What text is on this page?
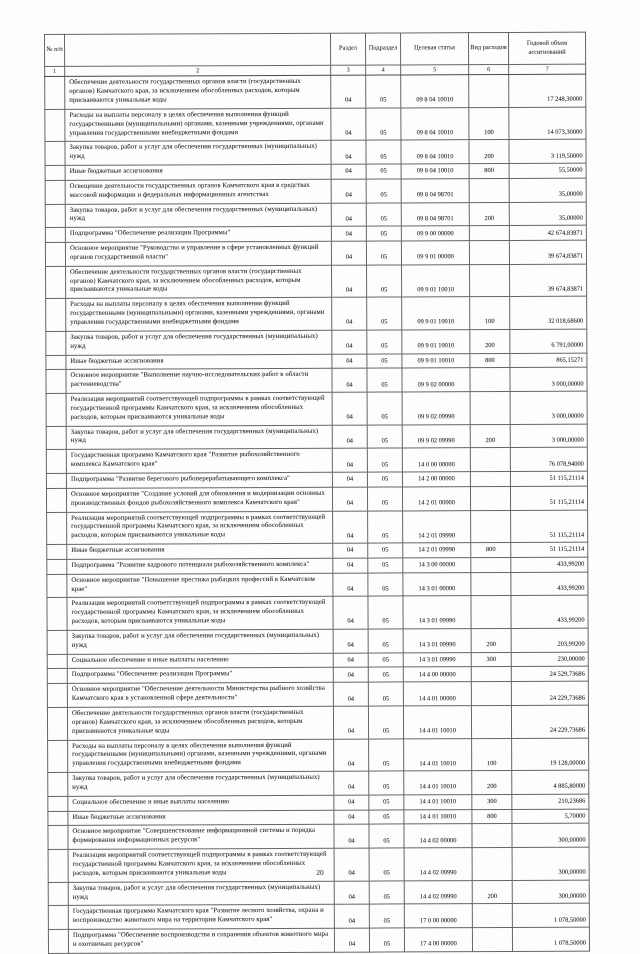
№ п/п		Раздел	Подраздел	Целевая статья	Вид расходов	Годовой объем ассигнований
1	2	3	4	5	6	7
	Обеспечение деятельности государственных органов власти (государственных органов) Камчатского края, за исключением обособленных расходов, которым присваиваются уникальные коды	04	05	09 8 04 10010		17 248,30000
	Расходы на выплаты персоналу в целях обеспечения выполнения функций государственными (муниципальными) органами, казенными учреждениями, органами управления государственными внебюджетными фондами	04	05	09 8 04 10010	100	14 073,30000
	Закупка товаров, работ и услуг для обеспечения государственных (муниципальных) нужд	04	05	09 8 04 10010	200	3 119,50000
	Иные бюджетные ассигнования	04	05	09 8 04 10010	800	55,50000
	Освещение деятельности государственных органов Камчатского края в средствах массовой информации и федеральных информационных агентствах	04	05	09 8 04 98701		35,00000
	Закупка товаров, работ и услуг для обеспечения государственных (муниципальных) нужд	04	05	09 8 04 98701	200	35,00000
	Подпрограмма "Обеспечение реализации Программы"	04	05	09 9 00 00000		42 674,83871
	Основное мероприятие "Руководство и управление в сфере установленных функций органов государственной власти"	04	05	09 9 01 00000		39 674,83871
	Обеспечение деятельности государственных органов власти (государственных органов) Камчатского края, за исключением обособленных расходов, которым присваиваются уникальные коды	04	05	09 9 01 10010		39 674,83871
	Расходы на выплаты персоналу в целях обеспечения выполнения функций государственными (муниципальными) органами, казенными учреждениями, органами управления государственными внебюджетными фондами	04	05	09 9 01 10010	100	32 018,68600
	Закупка товаров, работ и услуг для обеспечения государственных (муниципальных) нужд	04	05	09 9 01 10010	200	6 791,00000
	Иные бюджетные ассигнования	04	05	09 9 01 10010	800	865,15271
	Основное мероприятие "Выполнение научно-исследовательских работ в области растениеводства"	04	05	09 9 02 00000		3 000,00000
	Реализация мероприятий соответствующей подпрограммы в рамках соответствующей государственной программы Камчатского края, за исключением обособленных расходов, которым присваиваются уникальные коды	04	05	09 9 02 09990		3 000,00000
	Закупка товаров, работ и услуг для обеспечения государственных (муниципальных) нужд	04	05	09 9 02 09990	200	3 000,00000
	Государственная программа Камчатского края "Развитие рыбохозяйственного комплекса Камчатского края"	04	05	14 0 00 00000		76 078,94000
	Подпрограмма "Развитие берегового рыбоперерабатывающего комплекса"	04	05	14 2 00 00000		51 115,21114
	Основное мероприятие "Создание условий для обновления и модернизации основных производственных фондов рыбохозяйственного комплекса Камчатского края"	04	05	14 2 01 00000		51 115,21114
	Реализация мероприятий соответствующей подпрограммы в рамках соответствующей государственной программы Камчатского края, за исключением обособленных расходов, которым присваиваются уникальные коды	04	05	14 2 01 09990		51 115,21114
	Иные бюджетные ассигнования	04	05	14 2 01 09990	800	51 115,21114
	Подпрограмма "Развитие кадрового потенциала рыбохозяйственного комплекса"	04	05	14 3 00 00000		433,99200
	Основное мероприятие "Повышение престижа рыбацких профессий в Камчатском крае"	04	05	14 3 01 00000		433,99200
	Реализация мероприятий соответствующей подпрограммы в рамках соответствующей государственной программы Камчатского края, за исключением обособленных расходов, которым присваиваются уникальные коды	04	05	14 3 01 09990		433,99200
	Закупка товаров, работ и услуг для обеспечения государственных (муниципальных) нужд	04	05	14 3 01 09990	200	203,99200
	Социальное обеспечение и иные выплаты населению	04	05	14 3 01 09990	300	230,00000
	Подпрограмма "Обеспечение реализации Программы"	04	05	14 4 00 00000		24 529,73686
	Основное мероприятие "Обеспечение деятельности Министерства рыбного хозяйства Камчатского края в установленной сфере деятельности"	04	05	14 4 01 00000		24 229,73686
	Обеспечение деятельности государственных органов власти (государственных органов) Камчатского края, за исключением обособленных расходов, которым присваиваются уникальные коды	04	05	14 4 01 10010		24 229,73686
	Расходы на выплаты персоналу в целях обеспечения выполнения функций государственными (муниципальными) органами, казенными учреждениями, органами управления государственными внебюджетными фондами	04	05	14 4 01 10010	100	19 128,00000
	Закупка товаров, работ и услуг для обеспечения государственных (муниципальных) нужд	04	05	14 4 01 10010	200	4 885,80000
	Социальное обеспечение и иные выплаты населению	04	05	14 4 01 10010	300	210,23686
	Иные бюджетные ассигнования	04	05	14 4 01 10010	800	5,70000
	Основное мероприятие "Совершенствование информационной системы и порядка формирования информационных ресурсов"	04	05	14 4 02 00000		300,00000
	Реализация мероприятий соответствующей подпрограммы в рамках соответствующей государственной программы Камчатского края, за исключением обособленных расходов, которым присваиваются уникальные коды	04	05	14 4 02 09990		300,00000
	Закупка товаров, работ и услуг для обеспечения государственных (муниципальных) нужд	04	05	14 4 02 09990	200	300,00000
	Государственная программа Камчатского края "Развитие лесного хозяйства, охрана и воспроизводство животного мира на территории Камчатского края"	04	05	17 0 00 00000		1 078,50000
	Подпрограмма "Обеспечение воспроизводства и сохранения объектов животного мира и охотничьих ресурсов"	04	05	17 4 00 00000		1 078,50000
20
